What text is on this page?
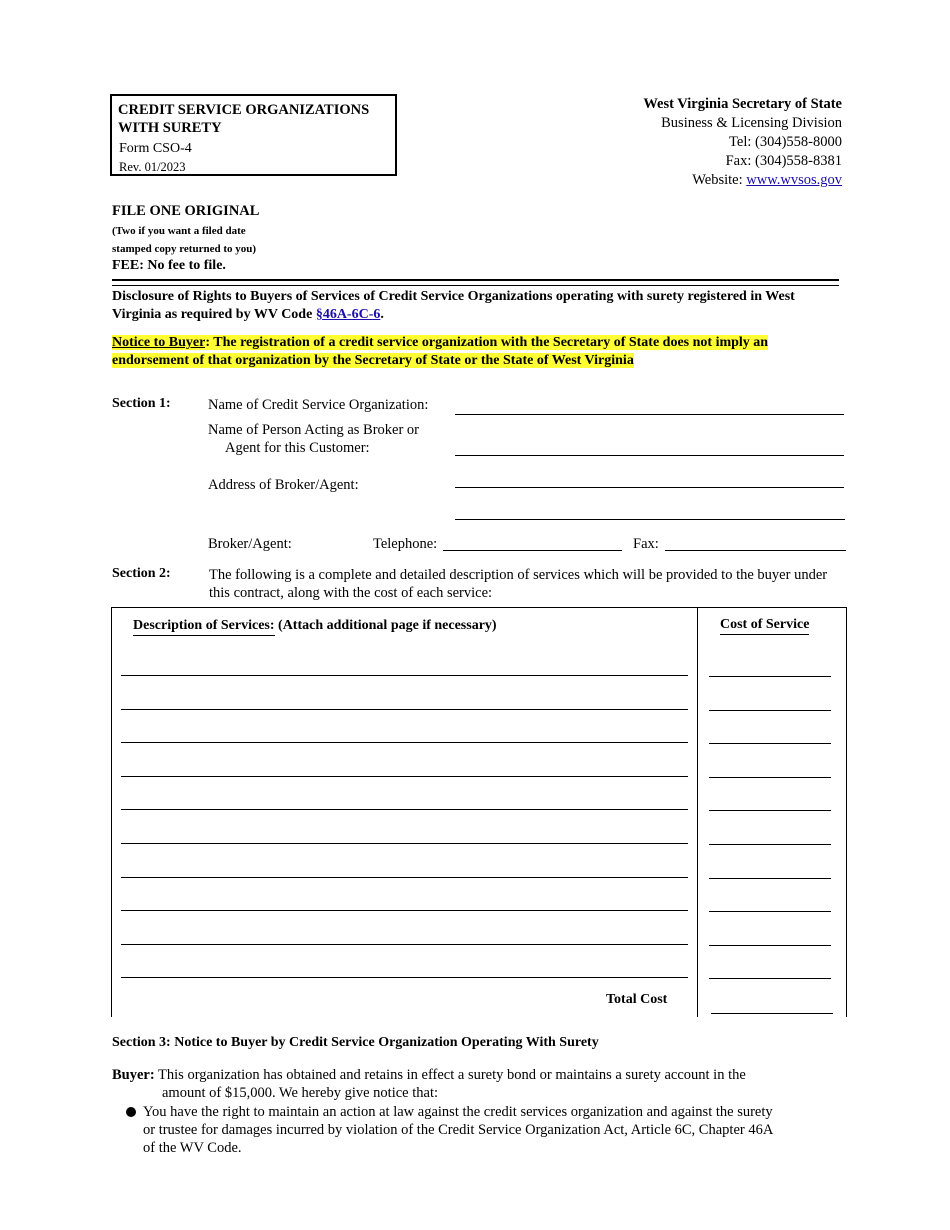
CREDIT SERVICE ORGANIZATIONS WITH SURETY
Form CSO-4
Rev. 01/2023
West Virginia Secretary of State
Business & Licensing Division
Tel: (304)558-8000
Fax: (304)558-8381
Website: www.wvsos.gov
FILE ONE ORIGINAL
(Two if you want a filed date
stamped copy returned to you)
FEE: No fee to file.
Disclosure of Rights to Buyers of Services of Credit Service Organizations operating with surety registered in West Virginia as required by WV Code §46A-6C-6.
Notice to Buyer: The registration of a credit service organization with the Secretary of State does not imply an endorsement of that organization by the Secretary of State or the State of West Virginia
Section 1:	Name of Credit Service Organization:
Name of Person Acting as Broker or
Agent for this Customer:
Address of Broker/Agent:
Broker/Agent:	Telephone:	Fax:
Section 2:	The following is a complete and detailed description of services which will be provided to the buyer under this contract, along with the cost of each service:
Description of Services: (Attach additional page if necessary)	Cost of Service
Total Cost
Section 3: Notice to Buyer by Credit Service Organization Operating With Surety
Buyer: This organization has obtained and retains in effect a surety bond or maintains a surety account in the
amount of $15,000. We hereby give notice that:
You have the right to maintain an action at law against the credit services organization and against the surety
or trustee for damages incurred by violation of the Credit Service Organization Act, Article 6C, Chapter 46A
of the WV Code.
